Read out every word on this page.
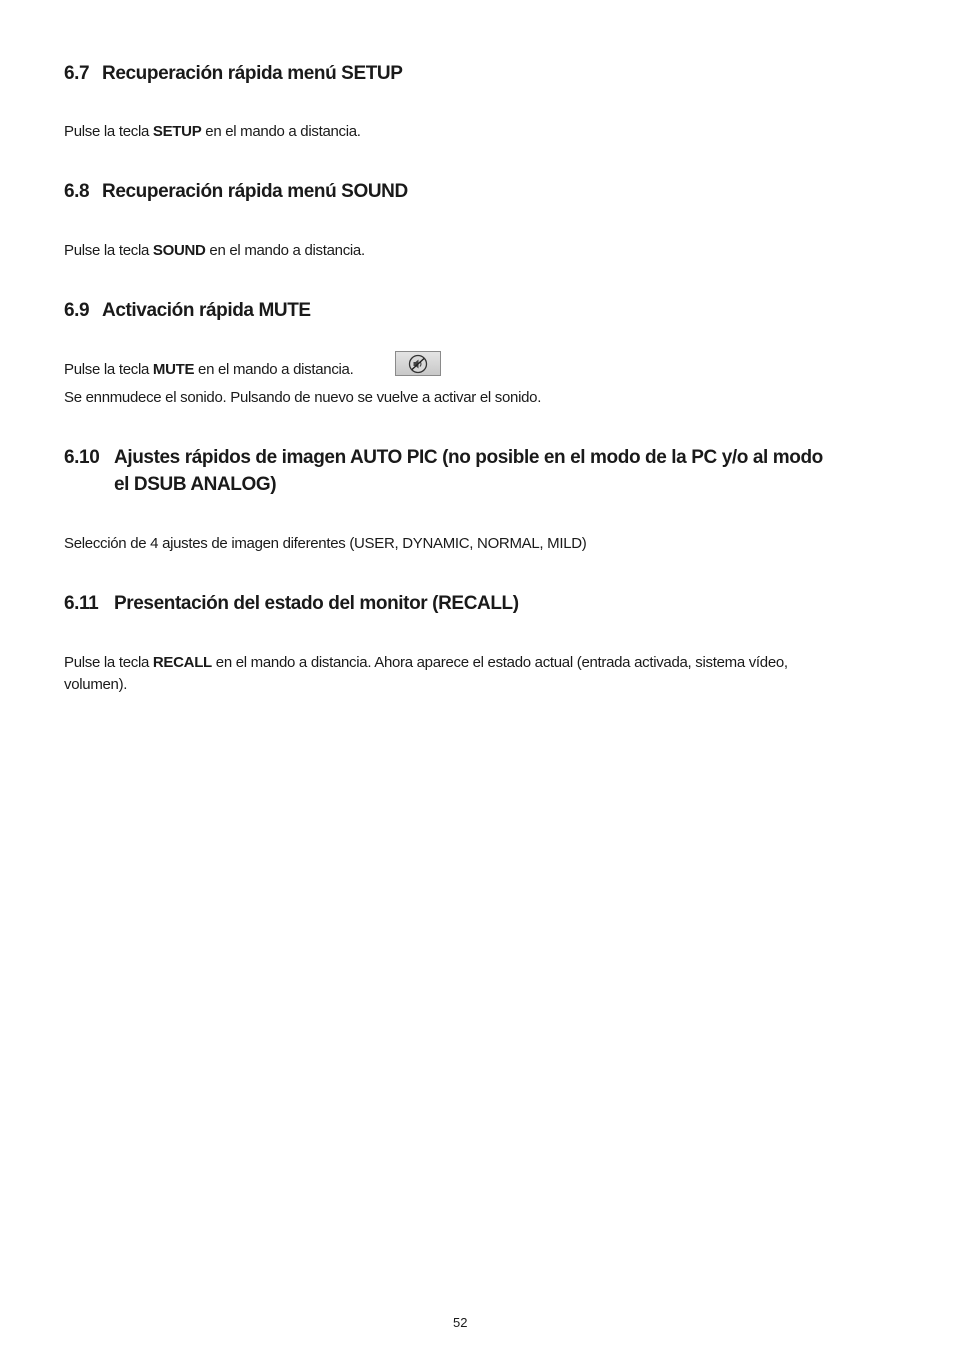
6.7 Recuperación rápida menú SETUP

Pulse la tecla SETUP en el mando a distancia.

6.8 Recuperación rápida menú SOUND

Pulse la tecla SOUND en el mando a distancia.

6.9 Activación rápida MUTE

Pulse la tecla MUTE en el mando a distancia.

Se ennmudece el sonido. Pulsando de nuevo se vuelve a activar el sonido.

6.10 Ajustes rápidos de imagen AUTO PIC (no posible en el modo de la PC y/o al modo
el DSUB ANALOG)

Selección de 4 ajustes de imagen diferentes (USER, DYNAMIC, NORMAL, MILD)

6.11 Presentación del estado del monitor (RECALL)

Pulse la tecla RECALL en el mando a distancia. Ahora aparece el estado actual (entrada activada, sistema vídeo,

volumen).

52
